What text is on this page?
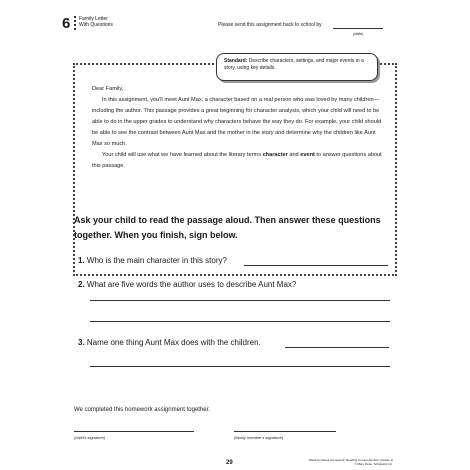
6 Family Letter
With Questions	Please send this assignment back to school by
(date)
Standard: Describe characters, settings, and major events in a story, using key details.

Dear Family,

In this assignment, you'll meet Aunt Max, a character based on a real person who was loved by many children—including the author. This passage provides a great beginning for character analysis, which your child will need to be able to do in the upper grades to understand why characters behave the way they do. For example, your child should be able to see the contrast between Aunt Max and the mother in the story and determine why the children like Aunt Max so much.

Your child will use what we have learned about the literary terms character and event to answer questions about this passage.

Ask your child to read the passage aloud. Then answer these questions together. When you finish, sign below.
1. Who is the main character in this story?
2. What are five words the author uses to describe Aunt Max?
3. Name one thing Aunt Max does with the children.
We completed this homework assignment together.
(child's signature)	(family member's signature)
29	Week-by-Week Homework: Reading Comprehension (Grade 1)
© Mary Rose, Scholastic Inc.
